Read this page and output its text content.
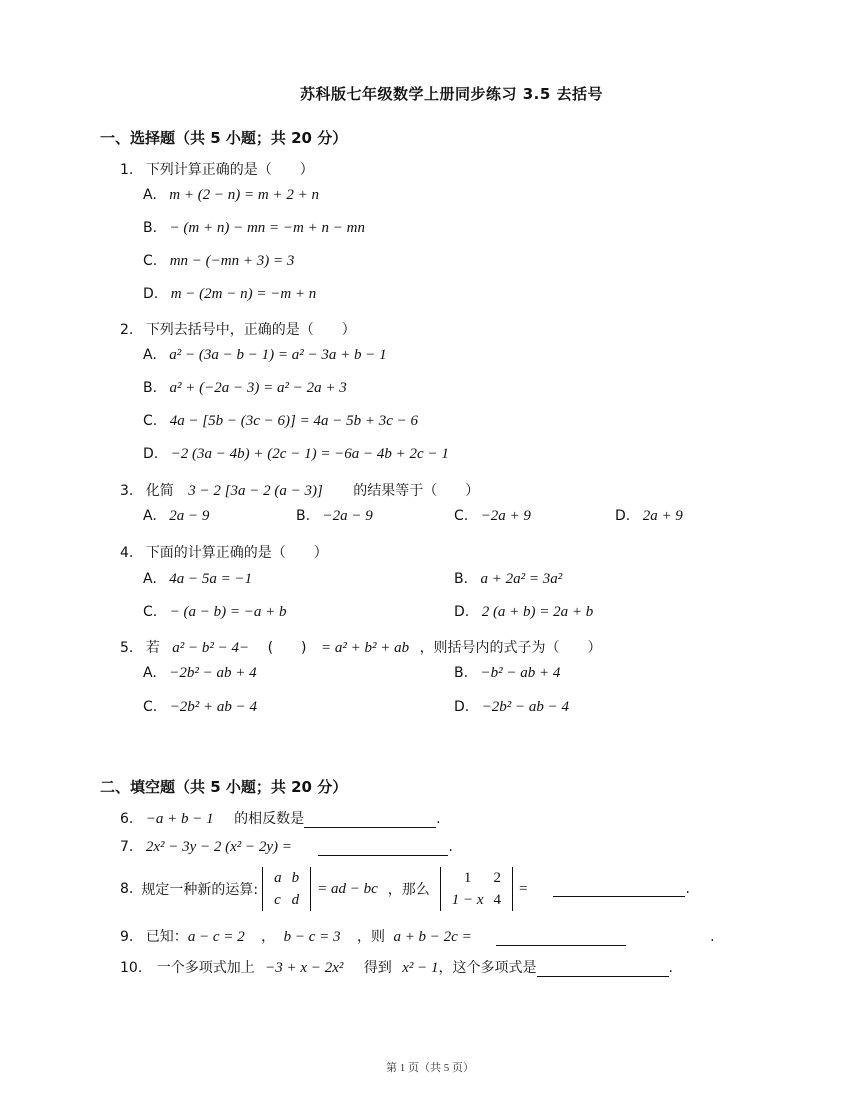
苏科版七年级数学上册同步练习 3.5 去括号
一、选择题（共 5 小题；共 20 分）
1. 下列计算正确的是（　　）
A. m + (2 − n) = m + 2 + n
B. − (m + n) − mn = −m + n − mn
C. mn − (−mn + 3) = 3
D. m − (2m − n) = −m + n
2. 下列去括号中，正确的是（　　）
A. a² − (3a − b − 1) = a² − 3a + b − 1
B. a² + (−2a − 3) = a² − 2a + 3
C. 4a − [5b − (3c − 6)] = 4a − 5b + 3c − 6
D. −2 (3a − 4b) + (2c − 1) = −6a − 4b + 2c − 1
3. 化简 3 − 2 [3a − 2 (a − 3)] 的结果等于（　　）
A. 2a − 9	B. −2a − 9	C. −2a + 9	D. 2a + 9
4. 下面的计算正确的是（　　）
A. 4a − 5a = −1	B. a + 2a² = 3a²
C. − (a − b) = −a + b	D. 2 (a + b) = 2a + b
5. 若 a² − b² − 4− (　　) = a² + b² + ab ，则括号内的式子为（　　）
A. −2b² − ab + 4	B. −b² − ab + 4
C. −2b² + ab − 4	D. −2b² − ab − 4
二、填空题（共 5 小题；共 20 分）
6. −a + b − 1 的相反数是	.
7. 2x² − 3y − 2 (x² − 2y) =	.
8. 规定一种新的运算:
a	b
c	d
= ad − bc ，那么
1	2
1 − x	4
=	.
9. 已知：a − c = 2 ， b − c = 3 ，则 a + b − 2c =	.
10. 一个多项式加上 −3 + x − 2x² 得到 x² − 1，这个多项式是	.
第 1 页（共 5 页）
